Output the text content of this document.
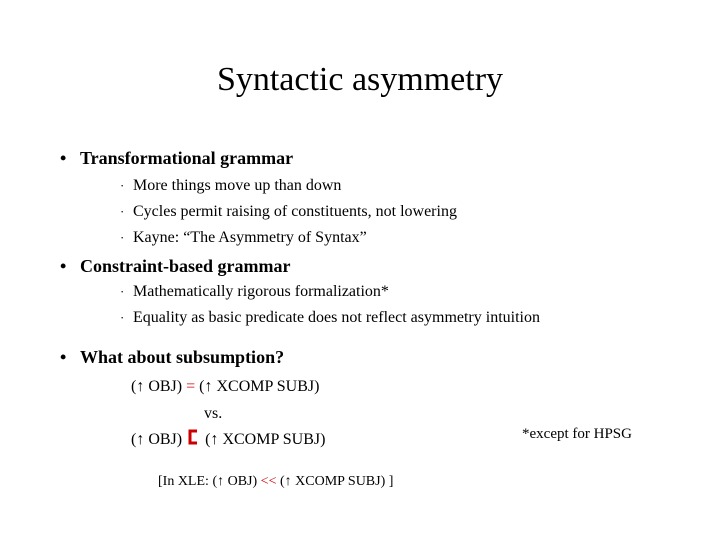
Syntactic asymmetry
• Transformational grammar
· More things move up than down
· Cycles permit raising of constituents, not lowering
· Kayne: “The Asymmetry of Syntax”
• Constraint-based grammar
· Mathematically rigorous formalization*
· Equality as basic predicate does not reflect asymmetry intuition
• What about subsumption?
(↑ OBJ) = (↑ XCOMP SUBJ)
vs.
(↑ OBJ) (↑ XCOMP SUBJ)
[In XLE: (↑ OBJ) << (↑ XCOMP SUBJ) ]
*except for HPSG
